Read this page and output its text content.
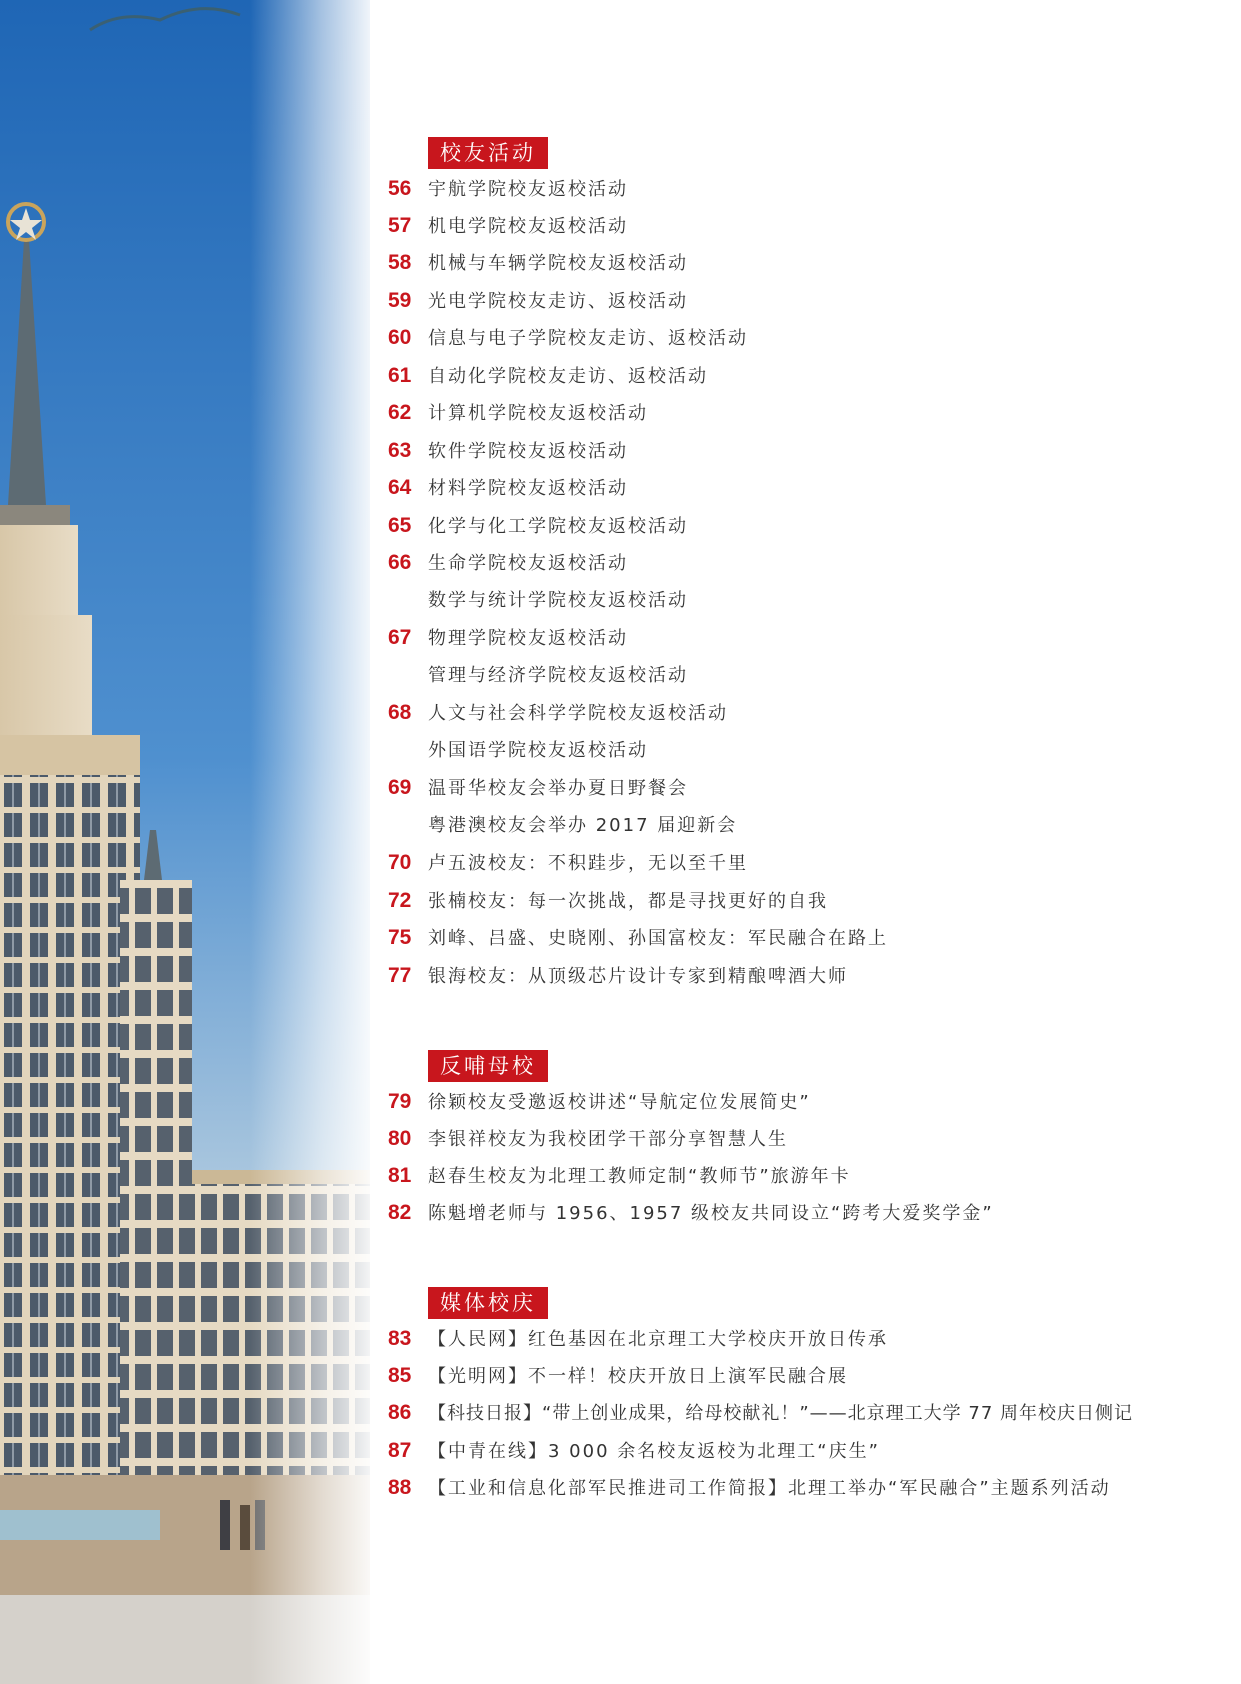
校友活动
56 宇航学院校友返校活动
57 机电学院校友返校活动
58 机械与车辆学院校友返校活动
59 光电学院校友走访、返校活动
60 信息与电子学院校友走访、返校活动
61 自动化学院校友走访、返校活动
62 计算机学院校友返校活动
63 软件学院校友返校活动
64 材料学院校友返校活动
65 化学与化工学院校友返校活动
66 生命学院校友返校活动
数学与统计学院校友返校活动
67 物理学院校友返校活动
管理与经济学院校友返校活动
68 人文与社会科学学院校友返校活动
外国语学院校友返校活动
69 温哥华校友会举办夏日野餐会
粤港澳校友会举办 2017 届迎新会
70 卢五波校友：不积跬步，无以至千里
72 张楠校友：每一次挑战，都是寻找更好的自我
75 刘峰、吕盛、史晓刚、孙国富校友：军民融合在路上
77 银海校友：从顶级芯片设计专家到精酿啤酒大师
反哺母校
79 徐颖校友受邀返校讲述“导航定位发展简史”
80 李银祥校友为我校团学干部分享智慧人生
81 赵春生校友为北理工教师定制“教师节”旅游年卡
82 陈魁增老师与 1956、1957 级校友共同设立“跨考大爱奖学金”
媒体校庆
83 【人民网】红色基因在北京理工大学校庆开放日传承
85 【光明网】不一样！校庆开放日上演军民融合展
86 【科技日报】“带上创业成果，给母校献礼！”——北京理工大学 77 周年校庆日侧记
87 【中青在线】3 000 余名校友返校为北理工“庆生”
88 【工业和信息化部军民推进司工作简报】北理工举办“军民融合”主题系列活动
